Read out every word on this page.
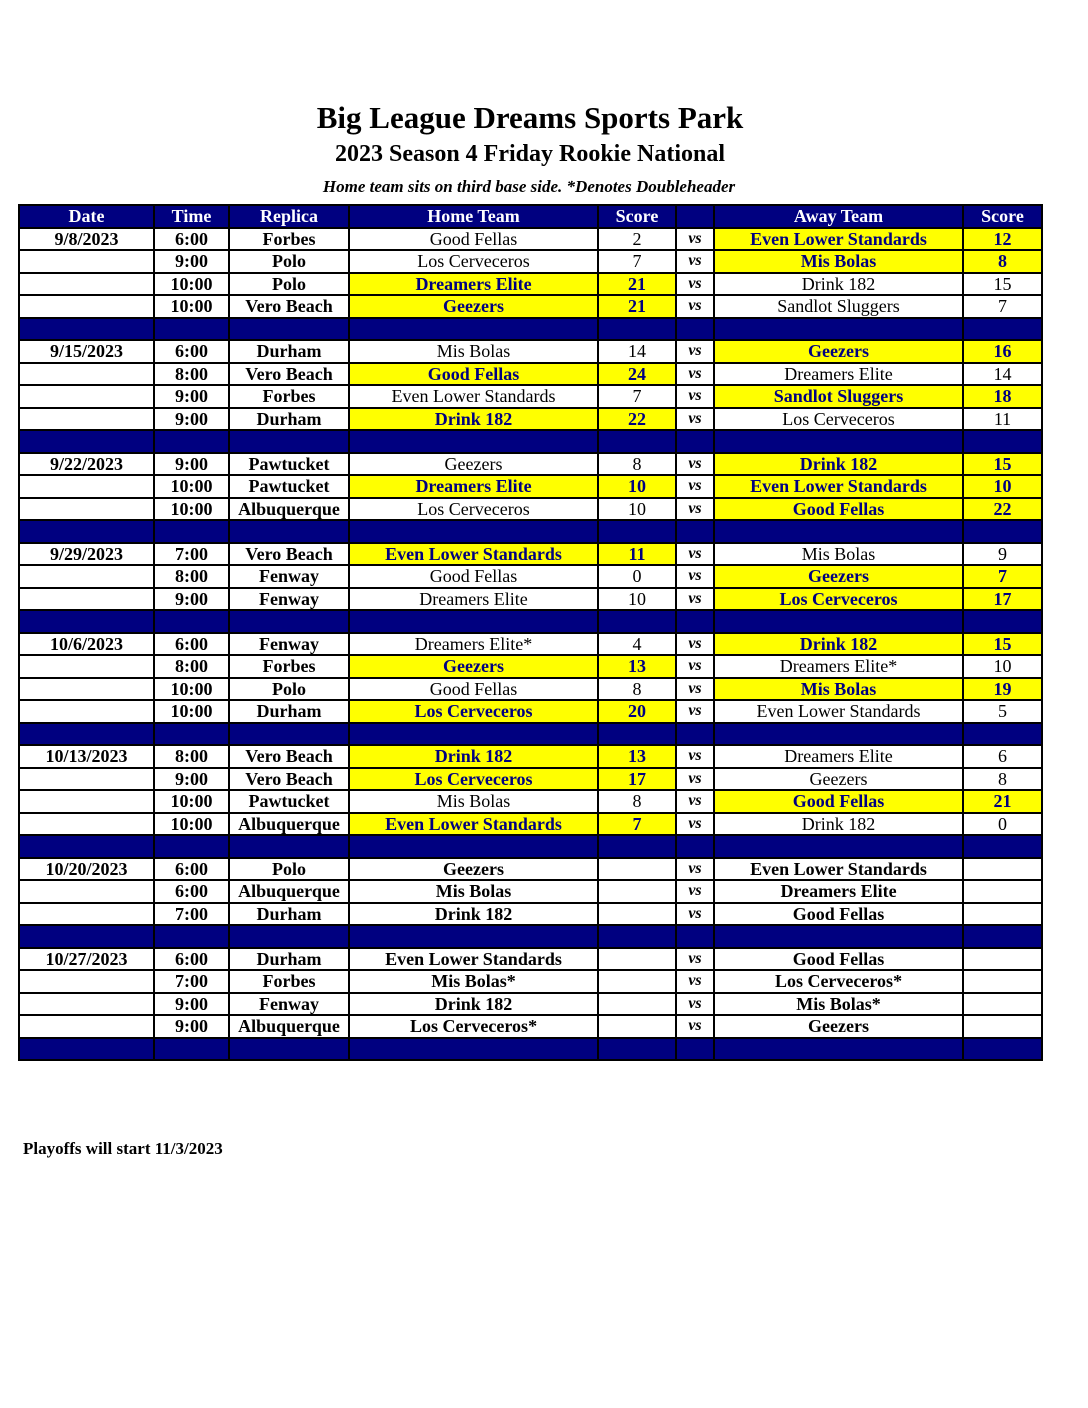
Big League Dreams Sports Park
2023 Season 4 Friday Rookie National
Home team sits on third base side. *Denotes Doubleheader
Date	Time	Replica	Home Team	Score		Away Team	Score
9/8/2023	6:00	Forbes	Good Fellas	2	vs	Even Lower Standards	12
	9:00	Polo	Los Cerveceros	7	vs	Mis Bolas	8
	10:00	Polo	Dreamers Elite	21	vs	Drink 182	15
	10:00	Vero Beach	Geezers	21	vs	Sandlot Sluggers	7

9/15/2023	6:00	Durham	Mis Bolas	14	vs	Geezers	16
	8:00	Vero Beach	Good Fellas	24	vs	Dreamers Elite	14
	9:00	Forbes	Even Lower Standards	7	vs	Sandlot Sluggers	18
	9:00	Durham	Drink 182	22	vs	Los Cerveceros	11

9/22/2023	9:00	Pawtucket	Geezers	8	vs	Drink 182	15
	10:00	Pawtucket	Dreamers Elite	10	vs	Even Lower Standards	10
	10:00	Albuquerque	Los Cerveceros	10	vs	Good Fellas	22

9/29/2023	7:00	Vero Beach	Even Lower Standards	11	vs	Mis Bolas	9
	8:00	Fenway	Good Fellas	0	vs	Geezers	7
	9:00	Fenway	Dreamers Elite	10	vs	Los Cerveceros	17

10/6/2023	6:00	Fenway	Dreamers Elite*	4	vs	Drink 182	15
	8:00	Forbes	Geezers	13	vs	Dreamers Elite*	10
	10:00	Polo	Good Fellas	8	vs	Mis Bolas	19
	10:00	Durham	Los Cerveceros	20	vs	Even Lower Standards	5

10/13/2023	8:00	Vero Beach	Drink 182	13	vs	Dreamers Elite	6
	9:00	Vero Beach	Los Cerveceros	17	vs	Geezers	8
	10:00	Pawtucket	Mis Bolas	8	vs	Good Fellas	21
	10:00	Albuquerque	Even Lower Standards	7	vs	Drink 182	0

10/20/2023	6:00	Polo	Geezers		vs	Even Lower Standards	
	6:00	Albuquerque	Mis Bolas		vs	Dreamers Elite	
	7:00	Durham	Drink 182		vs	Good Fellas	

10/27/2023	6:00	Durham	Even Lower Standards		vs	Good Fellas	
	7:00	Forbes	Mis Bolas*		vs	Los Cerveceros*	
	9:00	Fenway	Drink 182		vs	Mis Bolas*	
	9:00	Albuquerque	Los Cerveceros*		vs	Geezers	

Playoffs will start 11/3/2023
